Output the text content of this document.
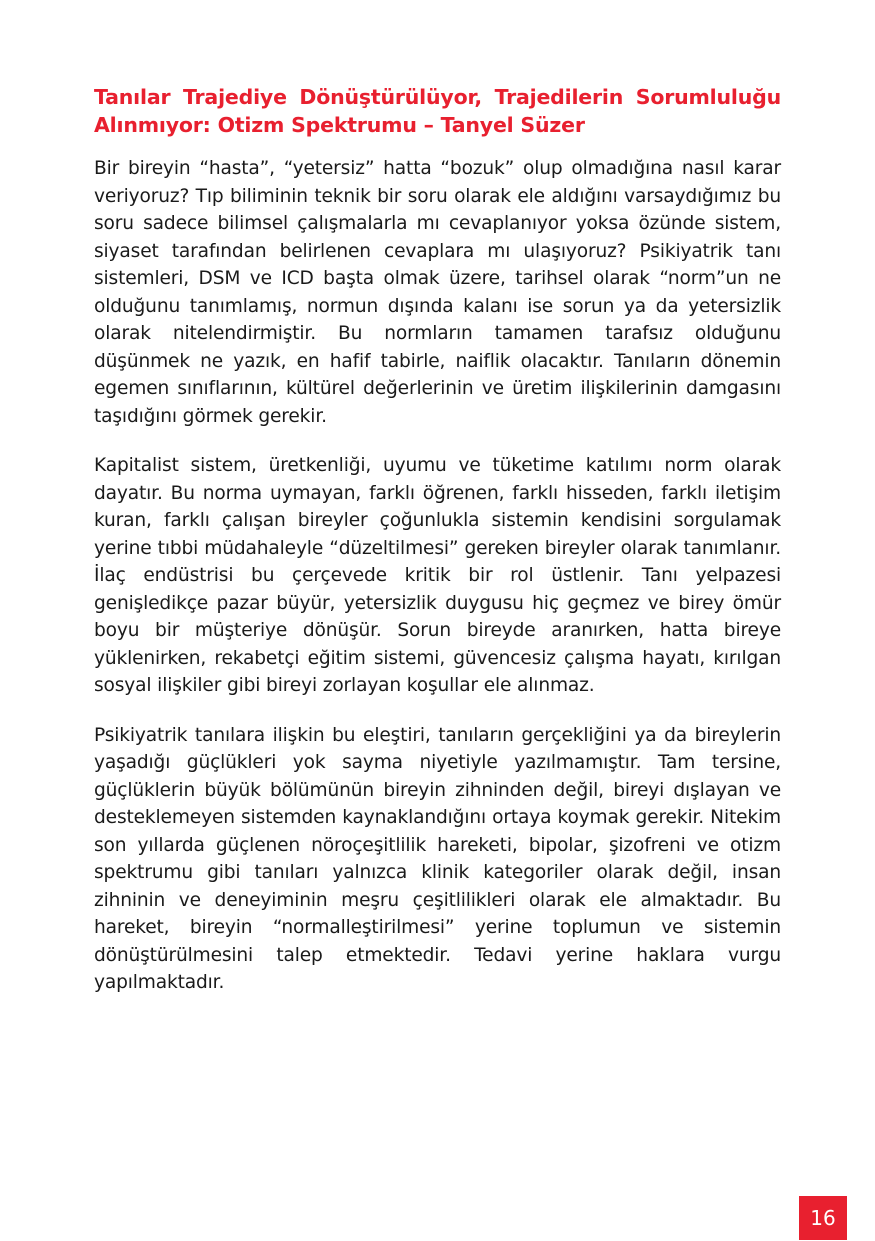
Tanılar Trajediye Dönüştürülüyor, Trajedilerin Sorumluluğu Alınmıyor: Otizm Spektrumu – Tanyel Süzer

Bir bireyin “hasta”, “yetersiz” hatta “bozuk” olup olmadığına nasıl karar veriyoruz? Tıp biliminin teknik bir soru olarak ele aldığını varsaydığımız bu soru sadece bilimsel çalışmalarla mı cevaplanıyor yoksa özünde sistem, siyaset tarafından belirlenen cevaplara mı ulaşıyoruz? Psikiyatrik tanı sistemleri, DSM ve ICD başta olmak üzere, tarihsel olarak “norm”un ne olduğunu tanımlamış, normun dışında kalanı ise sorun ya da yetersizlik olarak nitelendirmiştir. Bu normların tamamen tarafsız olduğunu düşünmek ne yazık, en hafif tabirle, naiflik olacaktır. Tanıların dönemin egemen sınıflarının, kültürel değerlerinin ve üretim ilişkilerinin damgasını taşıdığını görmek gerekir.

Kapitalist sistem, üretkenliği, uyumu ve tüketime katılımı norm olarak dayatır. Bu norma uymayan, farklı öğrenen, farklı hisseden, farklı iletişim kuran, farklı çalışan bireyler çoğunlukla sistemin kendisini sorgulamak yerine tıbbi müdahaleyle “düzeltilmesi” gereken bireyler olarak tanımlanır. İlaç endüstrisi bu çerçevede kritik bir rol üstlenir. Tanı yelpazesi genişledikçe pazar büyür, yetersizlik duygusu hiç geçmez ve birey ömür boyu bir müşteriye dönüşür. Sorun bireyde aranırken, hatta bireye yüklenirken, rekabetçi eğitim sistemi, güvencesiz çalışma hayatı, kırılgan sosyal ilişkiler gibi bireyi zorlayan koşullar ele alınmaz.

Psikiyatrik tanılara ilişkin bu eleştiri, tanıların gerçekliğini ya da bireylerin yaşadığı güçlükleri yok sayma niyetiyle yazılmamıştır. Tam tersine, güçlüklerin büyük bölümünün bireyin zihninden değil, bireyi dışlayan ve desteklemeyen sistemden kaynaklandığını ortaya koymak gerekir. Nitekim son yıllarda güçlenen nöroçeşitlilik hareketi, bipolar, şizofreni ve otizm spektrumu gibi tanıları yalnızca klinik kategoriler olarak değil, insan zihninin ve deneyiminin meşru çeşitlilikleri olarak ele almaktadır. Bu hareket, bireyin “normalleştirilmesi” yerine toplumun ve sistemin dönüştürülmesini talep etmektedir. Tedavi yerine haklara vurgu yapılmaktadır.

16
